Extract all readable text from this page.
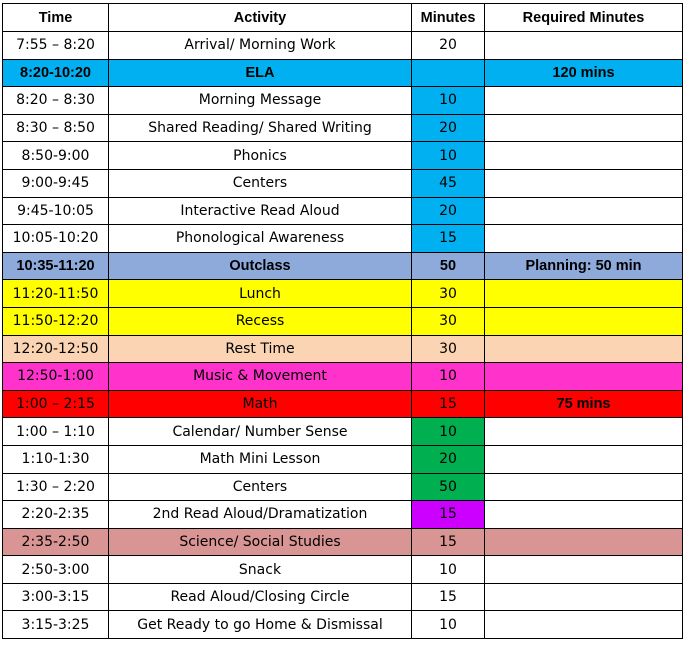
Time	Activity	Minutes	Required Minutes
7:55 – 8:20	Arrival/ Morning Work	20	
8:20-10:20	ELA		120 mins
8:20 – 8:30	Morning Message	10	
8:30 – 8:50	Shared Reading/ Shared Writing	20	
8:50-9:00	Phonics	10	
9:00-9:45	Centers	45	
9:45-10:05	Interactive Read Aloud	20	
10:05-10:20	Phonological Awareness	15	
10:35-11:20	Outclass	50	Planning: 50 min
11:20-11:50	Lunch	30	
11:50-12:20	Recess	30	
12:20-12:50	Rest Time	30	
12:50-1:00	Music & Movement	10	
1:00 – 2:15	Math	15	75 mins
1:00 – 1:10	Calendar/ Number Sense	10	
1:10-1:30	Math Mini Lesson	20	
1:30 – 2:20	Centers	50	
2:20-2:35	2nd Read Aloud/Dramatization	15	
2:35-2:50	Science/ Social Studies	15	
2:50-3:00	Snack	10	
3:00-3:15	Read Aloud/Closing Circle	15	
3:15-3:25	Get Ready to go Home & Dismissal	10	
